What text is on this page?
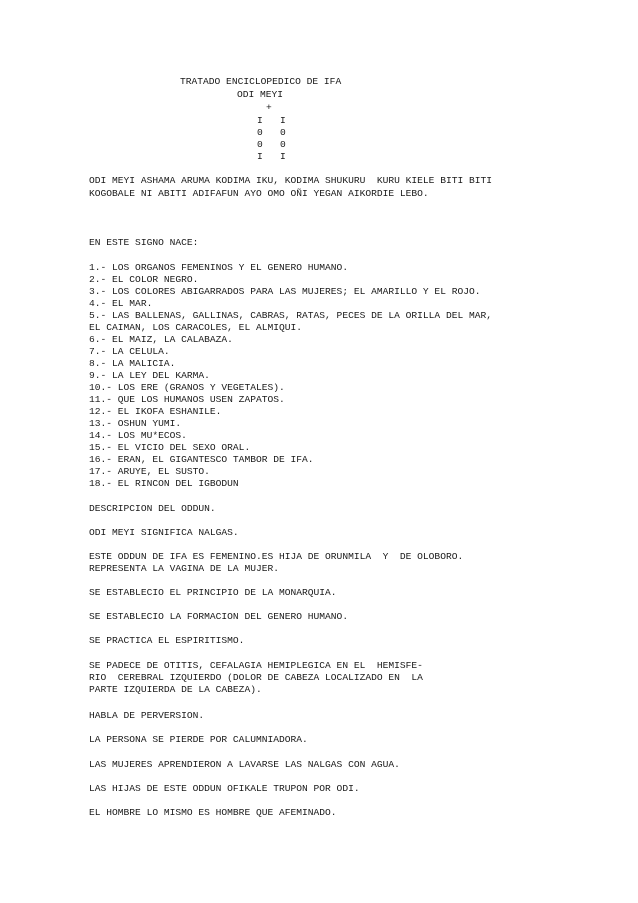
TRATADO ENCICLOPEDICO DE IFA
ODI MEYI
+
I   I
0   0
0   0
I   I
ODI MEYI ASHAMA ARUMA KODIMA IKU, KODIMA SHUKURU  KURU KIELE BITI BITI
KOGOBALE NI ABITI ADIFAFUN AYO OMO OÑI YEGAN AIKORDIE LEBO.
EN ESTE SIGNO NACE:
1.- LOS ORGANOS FEMENINOS Y EL GENERO HUMANO.
2.- EL COLOR NEGRO.
3.- LOS COLORES ABIGARRADOS PARA LAS MUJERES; EL AMARILLO Y EL ROJO.
4.- EL MAR.
5.- LAS BALLENAS, GALLINAS, CABRAS, RATAS, PECES DE LA ORILLA DEL MAR,
EL CAIMAN, LOS CARACOLES, EL ALMIQUI.
6.- EL MAIZ, LA CALABAZA.
7.- LA CELULA.
8.- LA MALICIA.
9.- LA LEY DEL KARMA.
10.- LOS ERE (GRANOS Y VEGETALES).
11.- QUE LOS HUMANOS USEN ZAPATOS.
12.- EL IKOFA ESHANILE.
13.- OSHUN YUMI.
14.- LOS MU*ECOS.
15.- EL VICIO DEL SEXO ORAL.
16.- ERAN, EL GIGANTESCO TAMBOR DE IFA.
17.- ARUYE, EL SUSTO.
18.- EL RINCON DEL IGBODUN
DESCRIPCION DEL ODDUN.
ODI MEYI SIGNIFICA NALGAS.
ESTE ODDUN DE IFA ES FEMENINO.ES HIJA DE ORUNMILA  Y  DE OLOBORO.
REPRESENTA LA VAGINA DE LA MUJER.
SE ESTABLECIO EL PRINCIPIO DE LA MONARQUIA.
SE ESTABLECIO LA FORMACION DEL GENERO HUMANO.
SE PRACTICA EL ESPIRITISMO.
SE PADECE DE OTITIS, CEFALAGIA HEMIPLEGICA EN EL  HEMISFE-
RIO  CEREBRAL IZQUIERDO (DOLOR DE CABEZA LOCALIZADO EN  LA
PARTE IZQUIERDA DE LA CABEZA).
HABLA DE PERVERSION.
LA PERSONA SE PIERDE POR CALUMNIADORA.
LAS MUJERES APRENDIERON A LAVARSE LAS NALGAS CON AGUA.
LAS HIJAS DE ESTE ODDUN OFIKALE TRUPON POR ODI.
EL HOMBRE LO MISMO ES HOMBRE QUE AFEMINADO.
